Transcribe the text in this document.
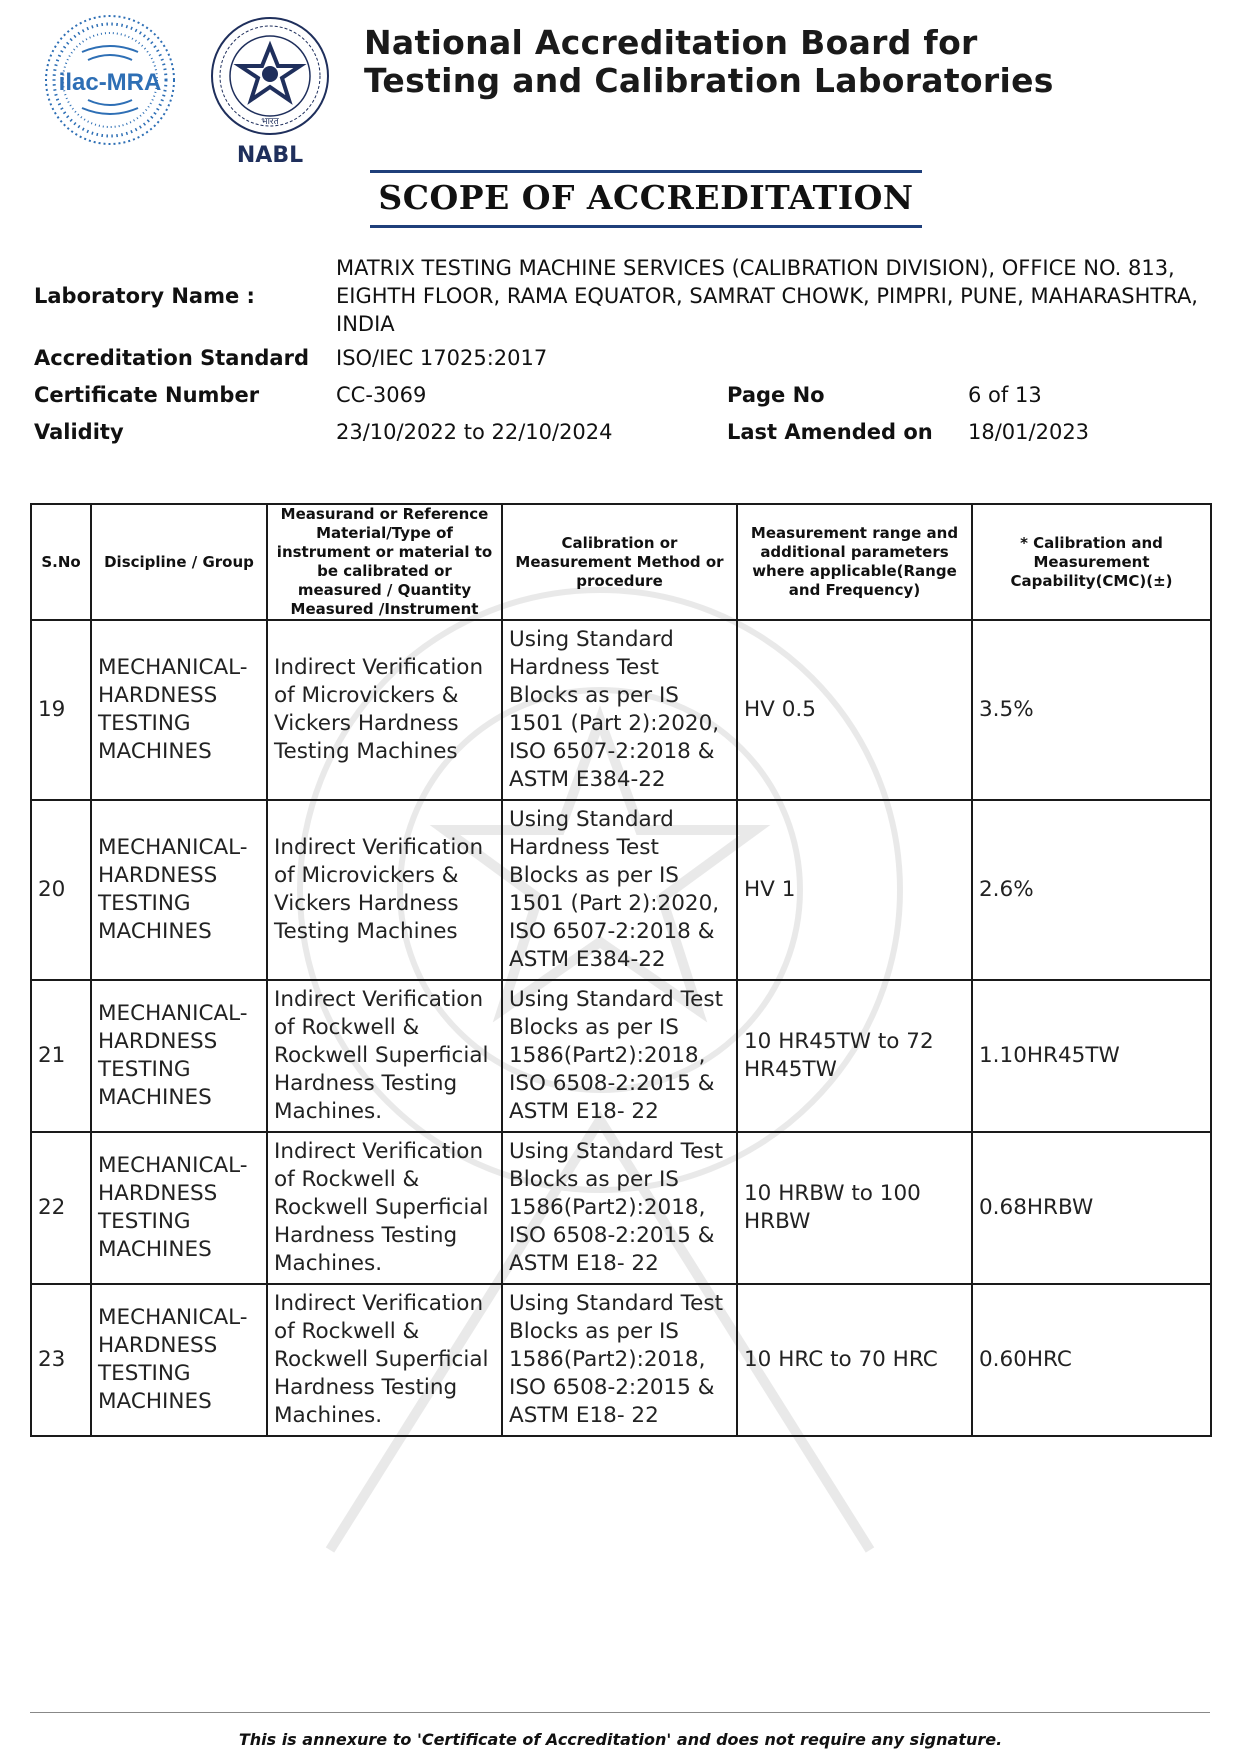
ilac-MRA
भारत
NABL
National Accreditation Board for
Testing and Calibration Laboratories
SCOPE OF ACCREDITATION
Laboratory Name :
MATRIX TESTING MACHINE SERVICES (CALIBRATION DIVISION), OFFICE NO. 813, EIGHTH FLOOR, RAMA EQUATOR, SAMRAT CHOWK, PIMPRI, PUNE, MAHARASHTRA, INDIA
Accreditation Standard ISO/IEC 17025:2017
Certificate Number	CC-3069	Page No	6 of 13
Validity	23/10/2022 to 22/10/2024	Last Amended on 18/01/2023
S.No	Discipline / Group	Measurand or Reference Material/Type of instrument or material to be calibrated or measured / Quantity Measured /Instrument	Calibration or Measurement Method or procedure	Measurement range and additional parameters where applicable(Range and Frequency)	* Calibration and Measurement Capability(CMC)(±)
19	MECHANICAL- HARDNESS TESTING MACHINES	Indirect Verification of Microvickers & Vickers Hardness Testing Machines	Using Standard Hardness Test Blocks as per IS 1501 (Part 2):2020, ISO 6507-2:2018 & ASTM E384-22	HV 0.5	3.5%
20	MECHANICAL- HARDNESS TESTING MACHINES	Indirect Verification of Microvickers & Vickers Hardness Testing Machines	Using Standard Hardness Test Blocks as per IS 1501 (Part 2):2020, ISO 6507-2:2018 & ASTM E384-22	HV 1	2.6%
21	MECHANICAL- HARDNESS TESTING MACHINES	Indirect Verification of Rockwell & Rockwell Superficial Hardness Testing Machines.	Using Standard Test Blocks as per IS 1586(Part2):2018, ISO 6508-2:2015 & ASTM E18- 22	10 HR45TW to 72 HR45TW	1.10HR45TW
22	MECHANICAL- HARDNESS TESTING MACHINES	Indirect Verification of Rockwell & Rockwell Superficial Hardness Testing Machines.	Using Standard Test Blocks as per IS 1586(Part2):2018, ISO 6508-2:2015 & ASTM E18- 22	10 HRBW to 100 HRBW	0.68HRBW
23	MECHANICAL- HARDNESS TESTING MACHINES	Indirect Verification of Rockwell & Rockwell Superficial Hardness Testing Machines.	Using Standard Test Blocks as per IS 1586(Part2):2018, ISO 6508-2:2015 & ASTM E18- 22	10 HRC to 70 HRC	0.60HRC
This is annexure to 'Certificate of Accreditation' and does not require any signature.
